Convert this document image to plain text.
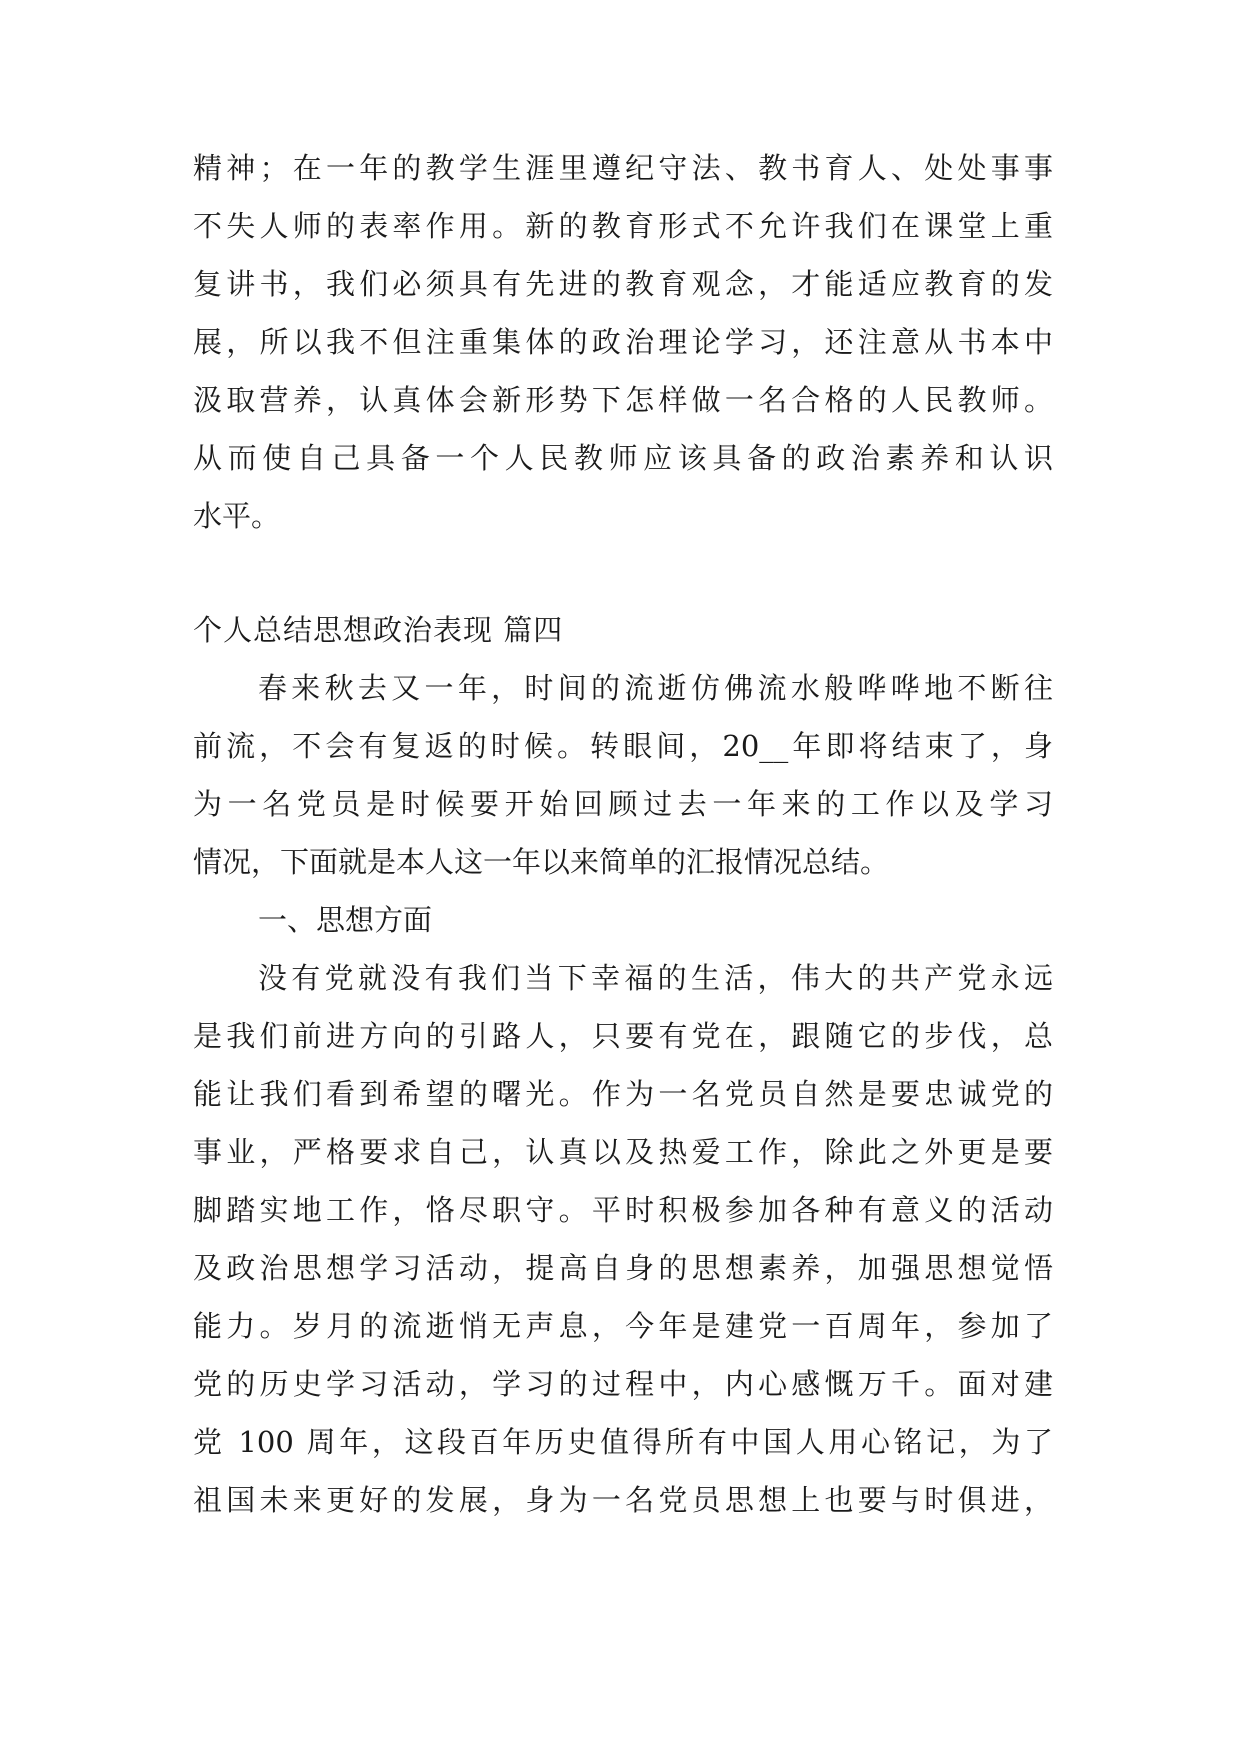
精神；在一年的教学生涯里遵纪守法、教书育人、处处事事
不失人师的表率作用。新的教育形式不允许我们在课堂上重
复讲书，我们必须具有先进的教育观念，才能适应教育的发
展，所以我不但注重集体的政治理论学习，还注意从书本中
汲取营养，认真体会新形势下怎样做一名合格的人民教师。
从而使自己具备一个人民教师应该具备的政治素养和认识
水平。
个人总结思想政治表现 篇四
春来秋去又一年，时间的流逝仿佛流水般哗哗地不断往
前流，不会有复返的时候。转眼间，20__年即将结束了，身
为一名党员是时候要开始回顾过去一年来的工作以及学习
情况，下面就是本人这一年以来简单的汇报情况总结。
一、思想方面
没有党就没有我们当下幸福的生活，伟大的共产党永远
是我们前进方向的引路人，只要有党在，跟随它的步伐，总
能让我们看到希望的曙光。作为一名党员自然是要忠诚党的
事业，严格要求自己，认真以及热爱工作，除此之外更是要
脚踏实地工作，恪尽职守。平时积极参加各种有意义的活动
及政治思想学习活动，提高自身的思想素养，加强思想觉悟
能力。岁月的流逝悄无声息，今年是建党一百周年，参加了
党的历史学习活动，学习的过程中，内心感慨万千。面对建
党 100 周年，这段百年历史值得所有中国人用心铭记，为了
祖国未来更好的发展，身为一名党员思想上也要与时俱进，
